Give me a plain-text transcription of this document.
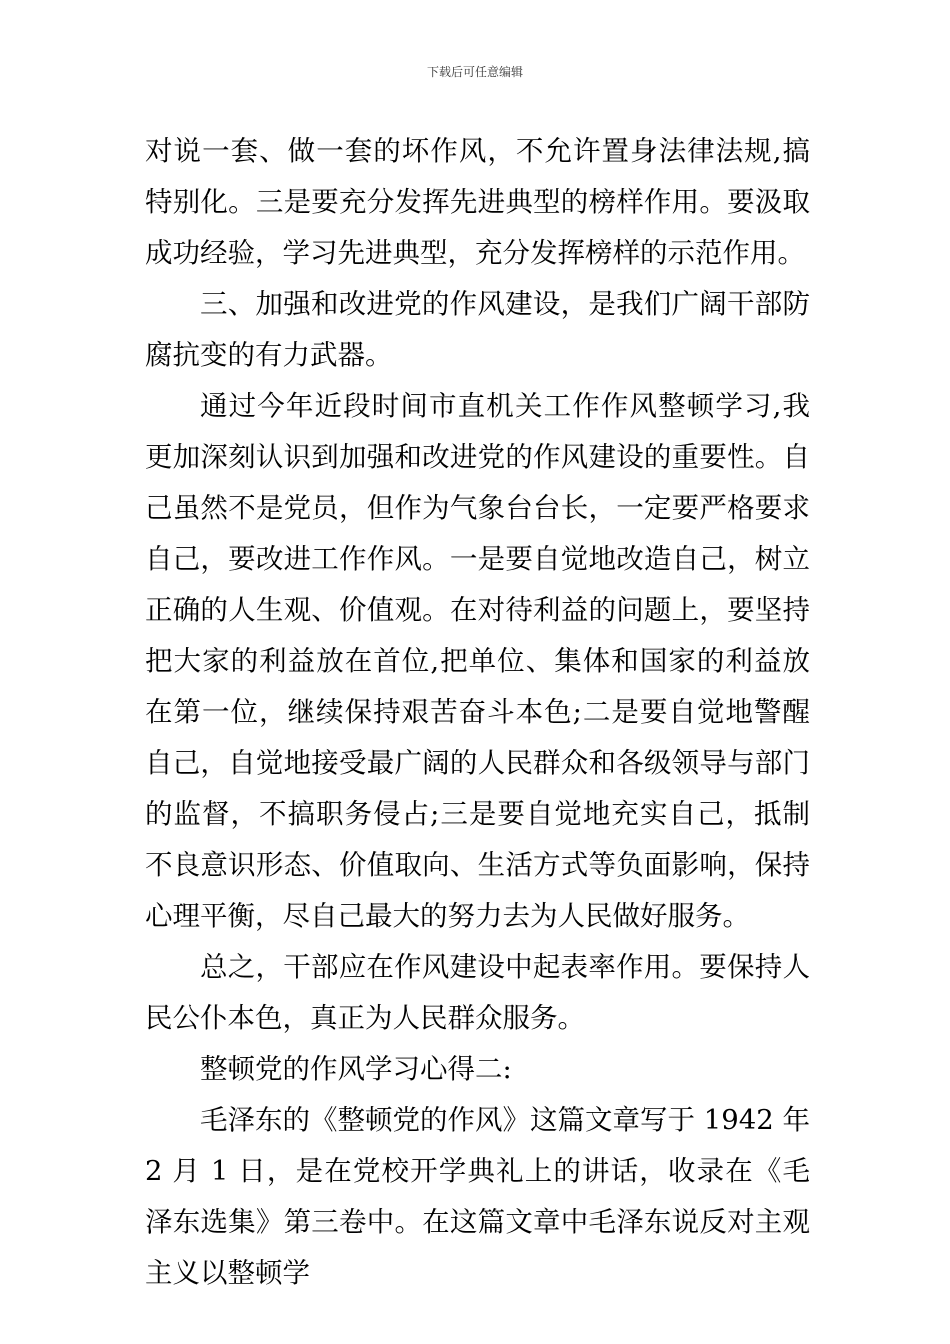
下载后可任意编辑

对说一套、做一套的坏作风，不允许置身法律法规,搞特别化。三是要充分发挥先进典型的榜样作用。要汲取成功经验，学习先进典型，充分发挥榜样的示范作用。

三、加强和改进党的作风建设，是我们广阔干部防腐抗变的有力武器。

通过今年近段时间市直机关工作作风整顿学习,我更加深刻认识到加强和改进党的作风建设的重要性。自己虽然不是党员，但作为气象台台长，一定要严格要求自己，要改进工作作风。一是要自觉地改造自己，树立正确的人生观、价值观。在对待利益的问题上，要坚持把大家的利益放在首位,把单位、集体和国家的利益放在第一位，继续保持艰苦奋斗本色;二是要自觉地警醒自己，自觉地接受最广阔的人民群众和各级领导与部门的监督，不搞职务侵占;三是要自觉地充实自己，抵制不良意识形态、价值取向、生活方式等负面影响，保持心理平衡，尽自己最大的努力去为人民做好服务。

总之，干部应在作风建设中起表率作用。要保持人民公仆本色，真正为人民群众服务。

整顿党的作风学习心得二:

毛泽东的《整顿党的作风》这篇文章写于 1942 年 2 月 1 日，是在党校开学典礼上的讲话，收录在《毛泽东选集》第三卷中。在这篇文章中毛泽东说反对主观主义以整顿学
